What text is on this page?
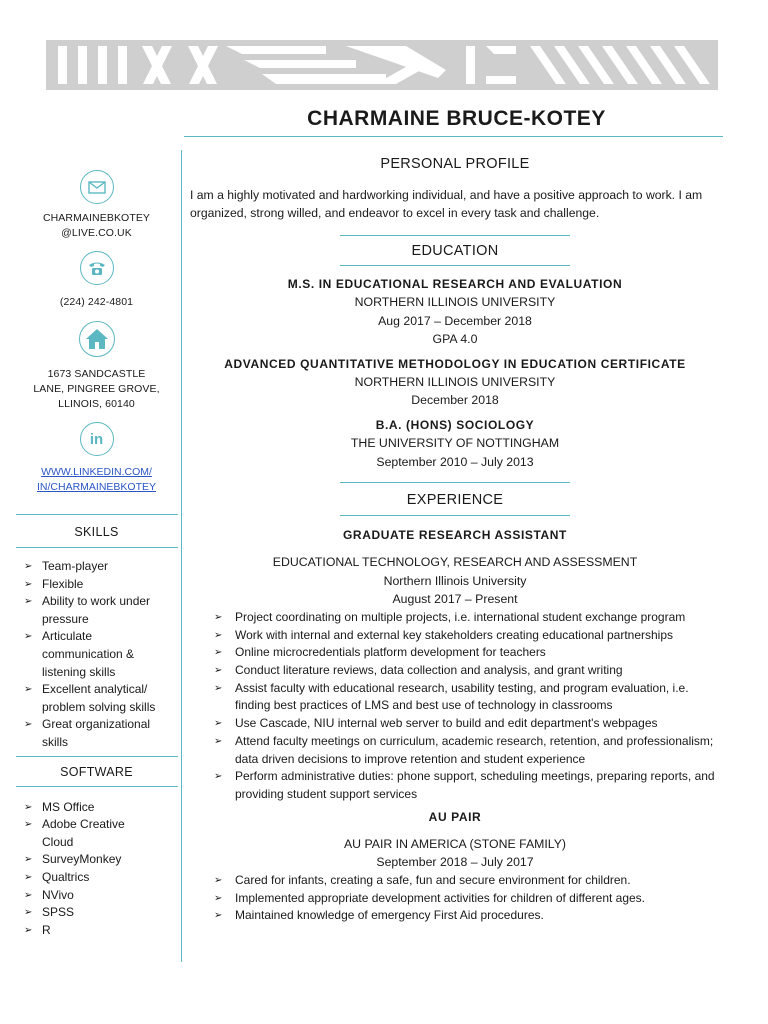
CHARMAINE BRUCE-KOTEY
CHARMAINEBKOTEY
@LIVE.CO.UK
(224) 242-4801
1673 SANDCASTLE
LANE, PINGREE GROVE,
LLINOIS, 60140
in
WWW.LINKEDIN.COM/
IN/CHARMAINEBKOTEY
SKILLS
➢ Team-player
➢ Flexible
➢ Ability to work under
pressure
➢ Articulate
communication &
listening skills
➢ Excellent analytical/
problem solving skills
➢ Great organizational
skills
SOFTWARE
➢ MS Office
➢ Adobe Creative Cloud
➢ SurveyMonkey
➢ Qualtrics
➢ NVivo
➢ SPSS
➢ R
PERSONAL PROFILE
I am a highly motivated and hardworking individual, and have a positive approach to work. I am organized, strong willed, and endeavor to excel in every task and challenge.
EDUCATION
M.S. IN EDUCATIONAL RESEARCH AND EVALUATION
NORTHERN ILLINOIS UNIVERSITY
Aug 2017 – December 2018
GPA 4.0
ADVANCED QUANTITATIVE METHODOLOGY IN EDUCATION CERTIFICATE
NORTHERN ILLINOIS UNIVERSITY
December 2018
B.A. (HONS) SOCIOLOGY
THE UNIVERSITY OF NOTTINGHAM
September 2010 – July 2013
EXPERIENCE
GRADUATE RESEARCH ASSISTANT
EDUCATIONAL TECHNOLOGY, RESEARCH AND ASSESSMENT
Northern Illinois University
August 2017 – Present
➢ Project coordinating on multiple projects, i.e. international student exchange program
➢ Work with internal and external key stakeholders creating educational partnerships
➢ Online microcredentials platform development for teachers
➢ Conduct literature reviews, data collection and analysis, and grant writing
➢ Assist faculty with educational research, usability testing, and program evaluation, i.e. finding best practices of LMS and best use of technology in classrooms
➢ Use Cascade, NIU internal web server to build and edit department's webpages
➢ Attend faculty meetings on curriculum, academic research, retention, and professionalism; data driven decisions to improve retention and student experience
➢ Perform administrative duties: phone support, scheduling meetings, preparing reports, and providing student support services
AU PAIR
AU PAIR IN AMERICA (STONE FAMILY)
September 2018 – July 2017
➢ Cared for infants, creating a safe, fun and secure environment for children.
➢ Implemented appropriate development activities for children of different ages.
➢ Maintained knowledge of emergency First Aid procedures.
